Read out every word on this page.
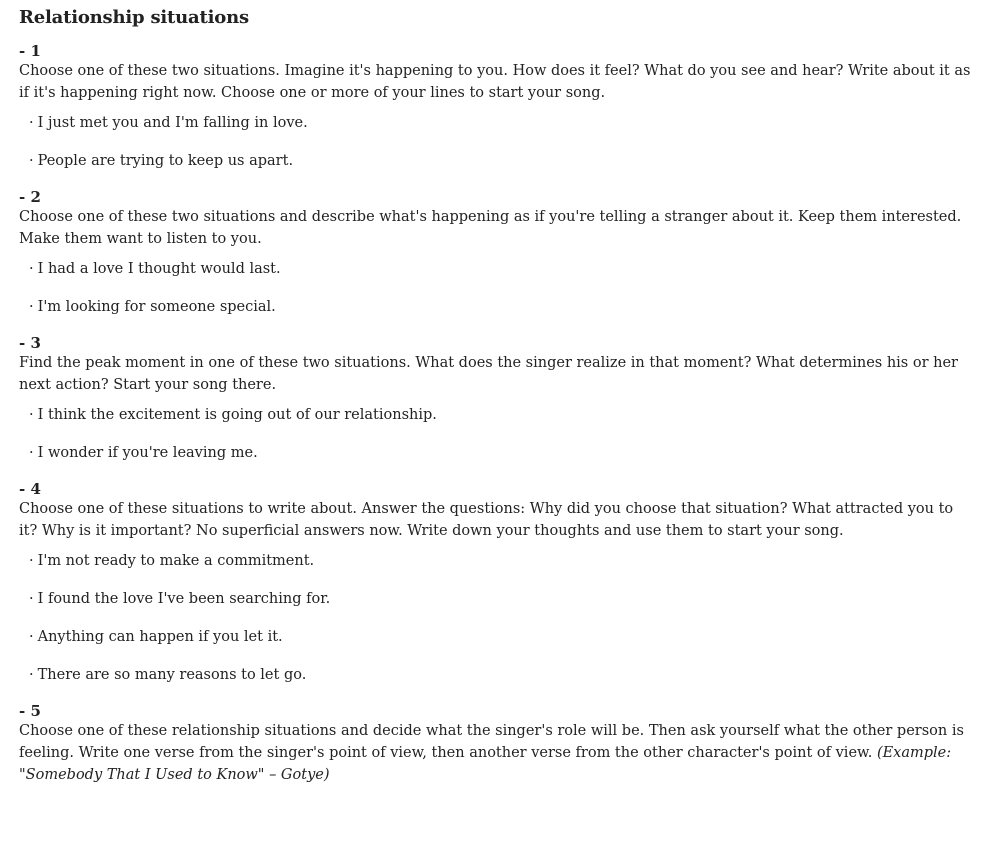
Relationship situations
- 1
Choose one of these two situations. Imagine it's happening to you. How does it feel? What do you see and hear? Write about it as if it's happening right now. Choose one or more of your lines to start your song.
· I just met you and I'm falling in love.
· People are trying to keep us apart.
- 2
Choose one of these two situations and describe what's happening as if you're telling a stranger about it. Keep them interested. Make them want to listen to you.
· I had a love I thought would last.
· I'm looking for someone special.
- 3
Find the peak moment in one of these two situations. What does the singer realize in that moment? What determines his or her next action? Start your song there.
· I think the excitement is going out of our relationship.
· I wonder if you're leaving me.
- 4
Choose one of these situations to write about. Answer the questions: Why did you choose that situation? What attracted you to it? Why is it important? No superficial answers now. Write down your thoughts and use them to start your song.
· I'm not ready to make a commitment.
· I found the love I've been searching for.
· Anything can happen if you let it.
· There are so many reasons to let go.
- 5
Choose one of these relationship situations and decide what the singer's role will be. Then ask yourself what the other person is feeling. Write one verse from the singer's point of view, then another verse from the other character's point of view. (Example: "Somebody That I Used to Know" – Gotye)
